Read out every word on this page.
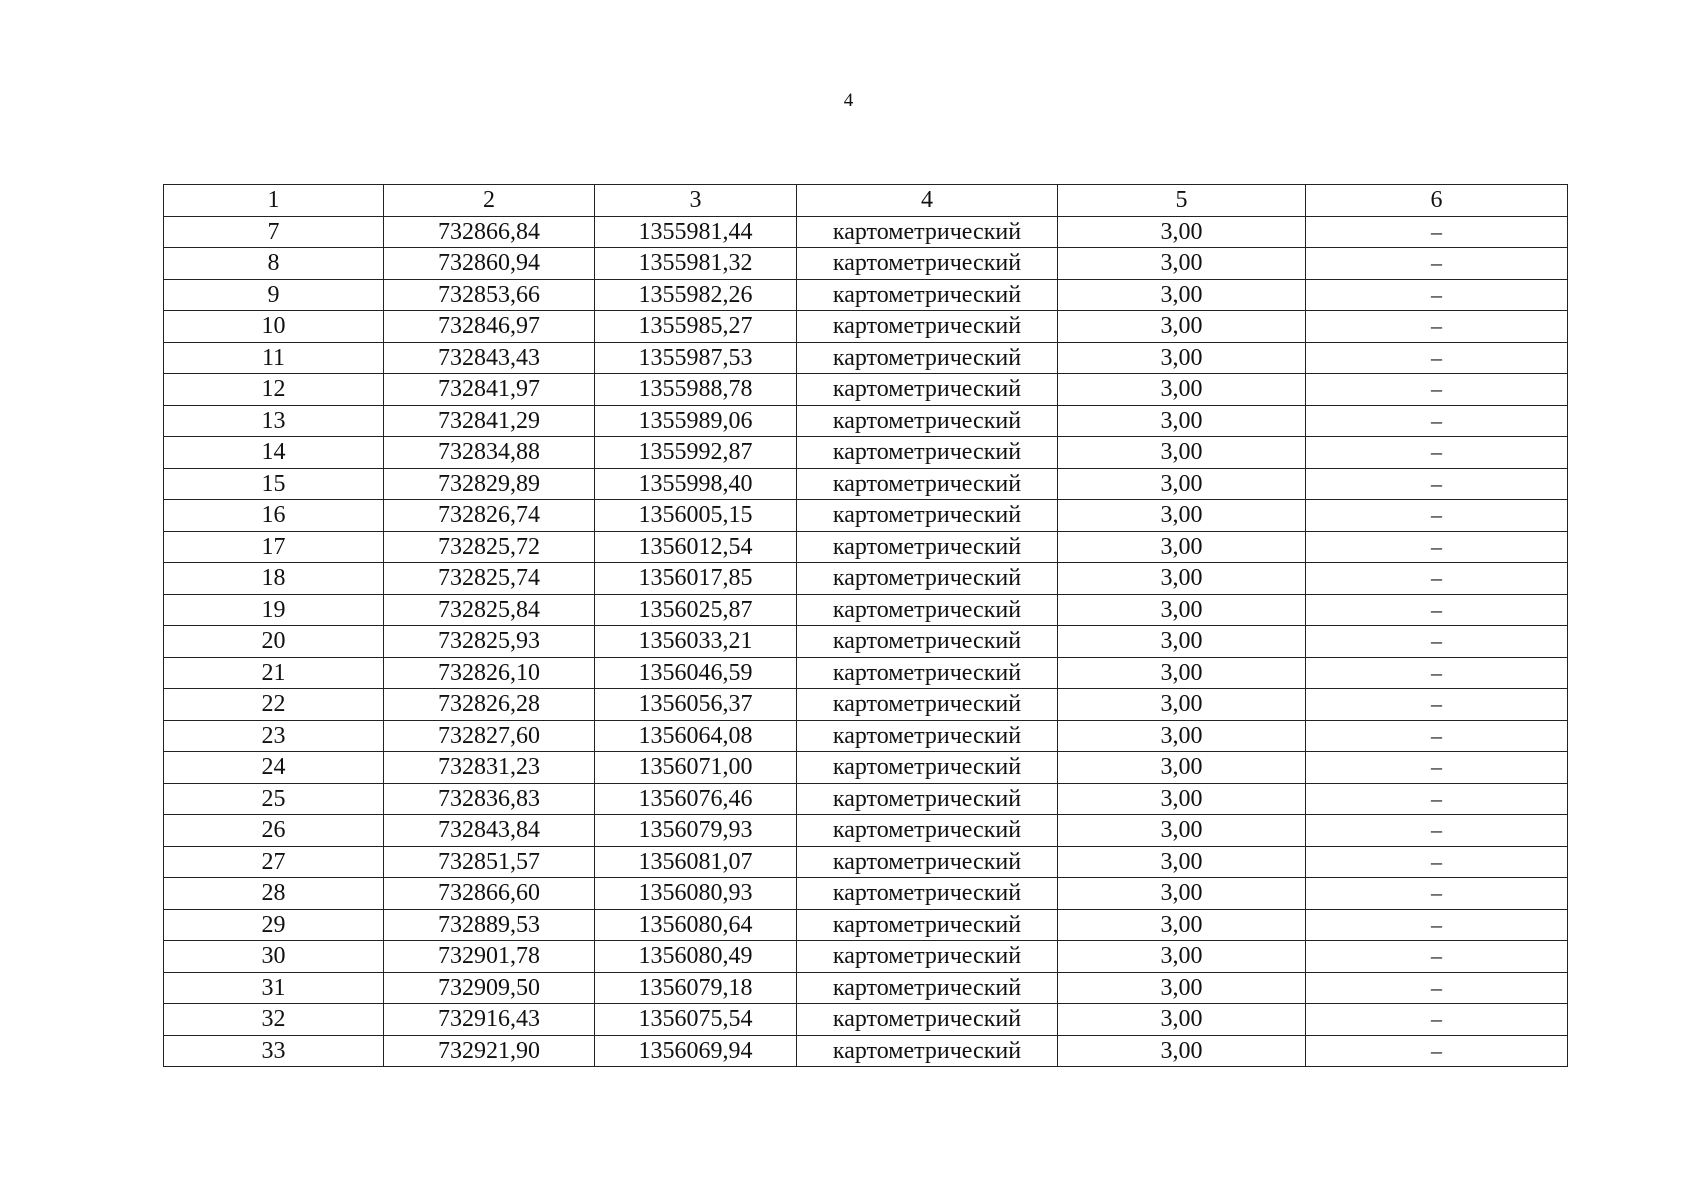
4
1	2	3	4	5	6
7	732866,84	1355981,44	картометрический	3,00	–
8	732860,94	1355981,32	картометрический	3,00	–
9	732853,66	1355982,26	картометрический	3,00	–
10	732846,97	1355985,27	картометрический	3,00	–
11	732843,43	1355987,53	картометрический	3,00	–
12	732841,97	1355988,78	картометрический	3,00	–
13	732841,29	1355989,06	картометрический	3,00	–
14	732834,88	1355992,87	картометрический	3,00	–
15	732829,89	1355998,40	картометрический	3,00	–
16	732826,74	1356005,15	картометрический	3,00	–
17	732825,72	1356012,54	картометрический	3,00	–
18	732825,74	1356017,85	картометрический	3,00	–
19	732825,84	1356025,87	картометрический	3,00	–
20	732825,93	1356033,21	картометрический	3,00	–
21	732826,10	1356046,59	картометрический	3,00	–
22	732826,28	1356056,37	картометрический	3,00	–
23	732827,60	1356064,08	картометрический	3,00	–
24	732831,23	1356071,00	картометрический	3,00	–
25	732836,83	1356076,46	картометрический	3,00	–
26	732843,84	1356079,93	картометрический	3,00	–
27	732851,57	1356081,07	картометрический	3,00	–
28	732866,60	1356080,93	картометрический	3,00	–
29	732889,53	1356080,64	картометрический	3,00	–
30	732901,78	1356080,49	картометрический	3,00	–
31	732909,50	1356079,18	картометрический	3,00	–
32	732916,43	1356075,54	картометрический	3,00	–
33	732921,90	1356069,94	картометрический	3,00	–
